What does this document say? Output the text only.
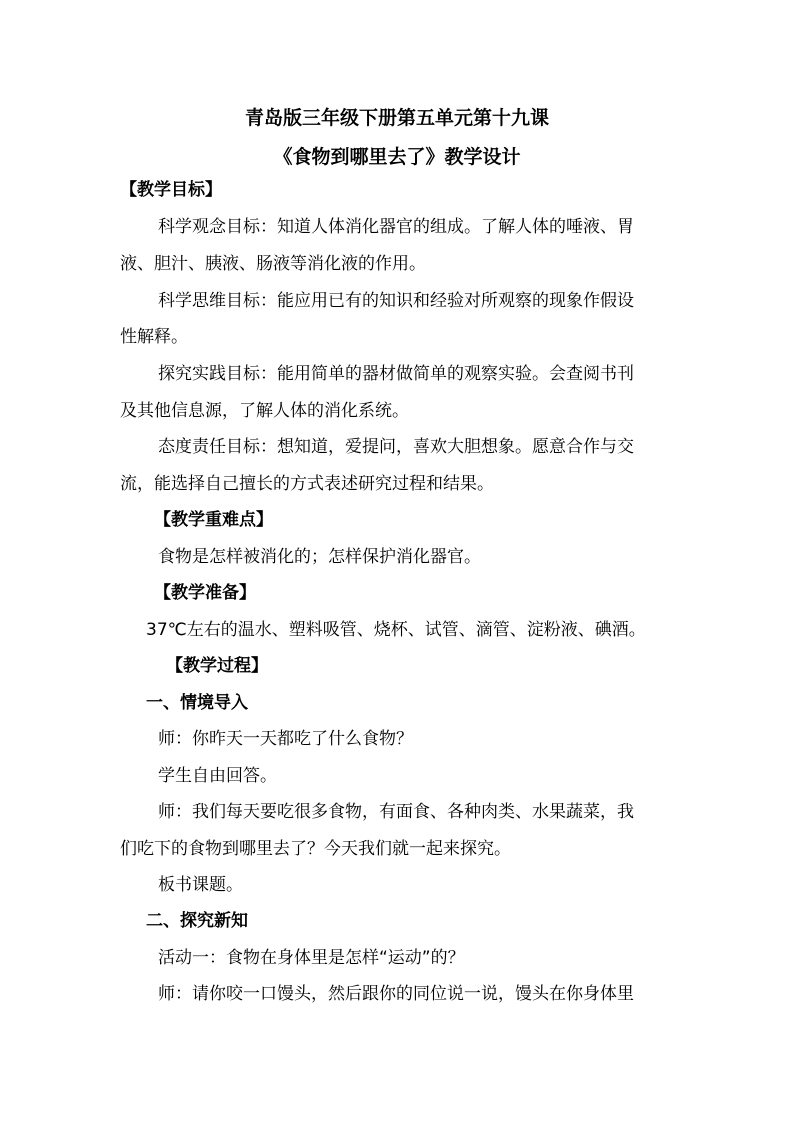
青岛版三年级下册第五单元第十九课
《食物到哪里去了》教学设计
【教学目标】
科学观念目标：知道人体消化器官的组成。了解人体的唾液、胃
液、胆汁、胰液、肠液等消化液的作用。
科学思维目标：能应用已有的知识和经验对所观察的现象作假设
性解释。
探究实践目标：能用简单的器材做简单的观察实验。会查阅书刊
及其他信息源，了解人体的消化系统。
态度责任目标：想知道，爱提问，喜欢大胆想象。愿意合作与交
流，能选择自己擅长的方式表述研究过程和结果。
【教学重难点】
食物是怎样被消化的；怎样保护消化器官。
【教学准备】
37℃左右的温水、塑料吸管、烧杯、试管、滴管、淀粉液、碘酒。
【教学过程】
一、情境导入
师：你昨天一天都吃了什么食物？
学生自由回答。
师：我们每天要吃很多食物，有面食、各种肉类、水果蔬菜，我
们吃下的食物到哪里去了？今天我们就一起来探究。
板书课题。
二、探究新知
活动一：食物在身体里是怎样“运动”的？
师：请你咬一口馒头，然后跟你的同位说一说，馒头在你身体里
